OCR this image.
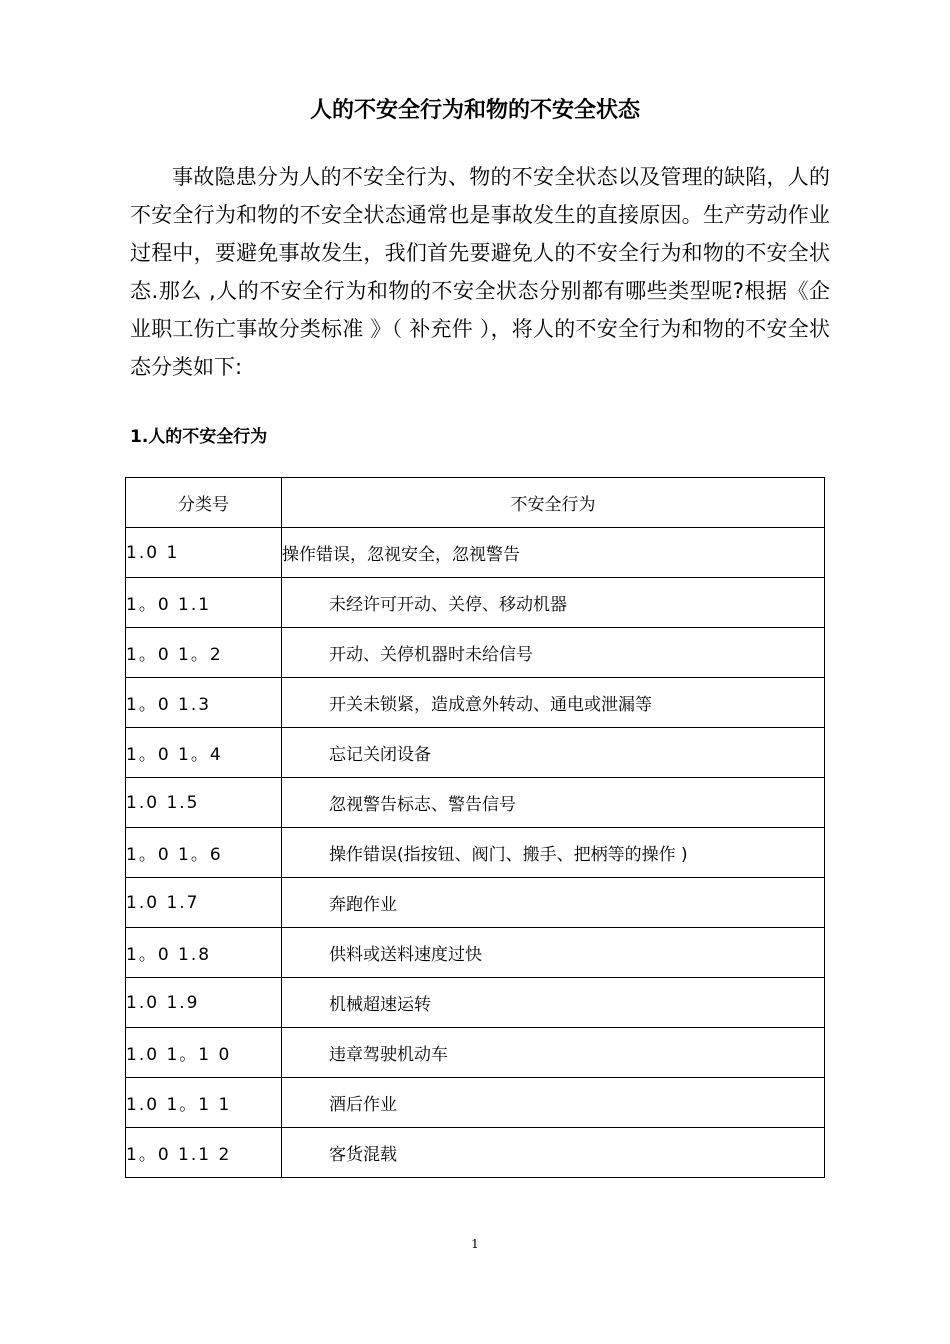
人的不安全行为和物的不安全状态

事故隐患分为人的不安全行为、物的不安全状态以及管理的缺陷，人的不安全行为和物的不安全状态通常也是事故发生的直接原因。生产劳动作业过程中，要避免事故发生，我们首先要避免人的不安全行为和物的不安全状态.那么 ,人的不安全行为和物的不安全状态分别都有哪些类型呢?根据《企业职工伤亡事故分类标准 》（ 补充件 ），将人的不安全行为和物的不安全状态分类如下:

1.人的不安全行为
分类号	不安全行为
1.0 1	操作错误，忽视安全，忽视警告
1。0 1.1	未经许可开动、关停、移动机器
1。0 1。2	开动、关停机器时未给信号
1。0 1.3	开关未锁紧，造成意外转动、通电或泄漏等
1。0 1。4	忘记关闭设备
1.0 1.5	忽视警告标志、警告信号
1。0 1。6	操作错误(指按钮、阀门、搬手、把柄等的操作 )
1.0 1.7	奔跑作业
1。0 1.8	供料或送料速度过快
1.0 1.9	机械超速运转
1.0 1。1 0	违章驾驶机动车
1.0 1。1 1	酒后作业
1。0 1.1 2	客货混载
1
